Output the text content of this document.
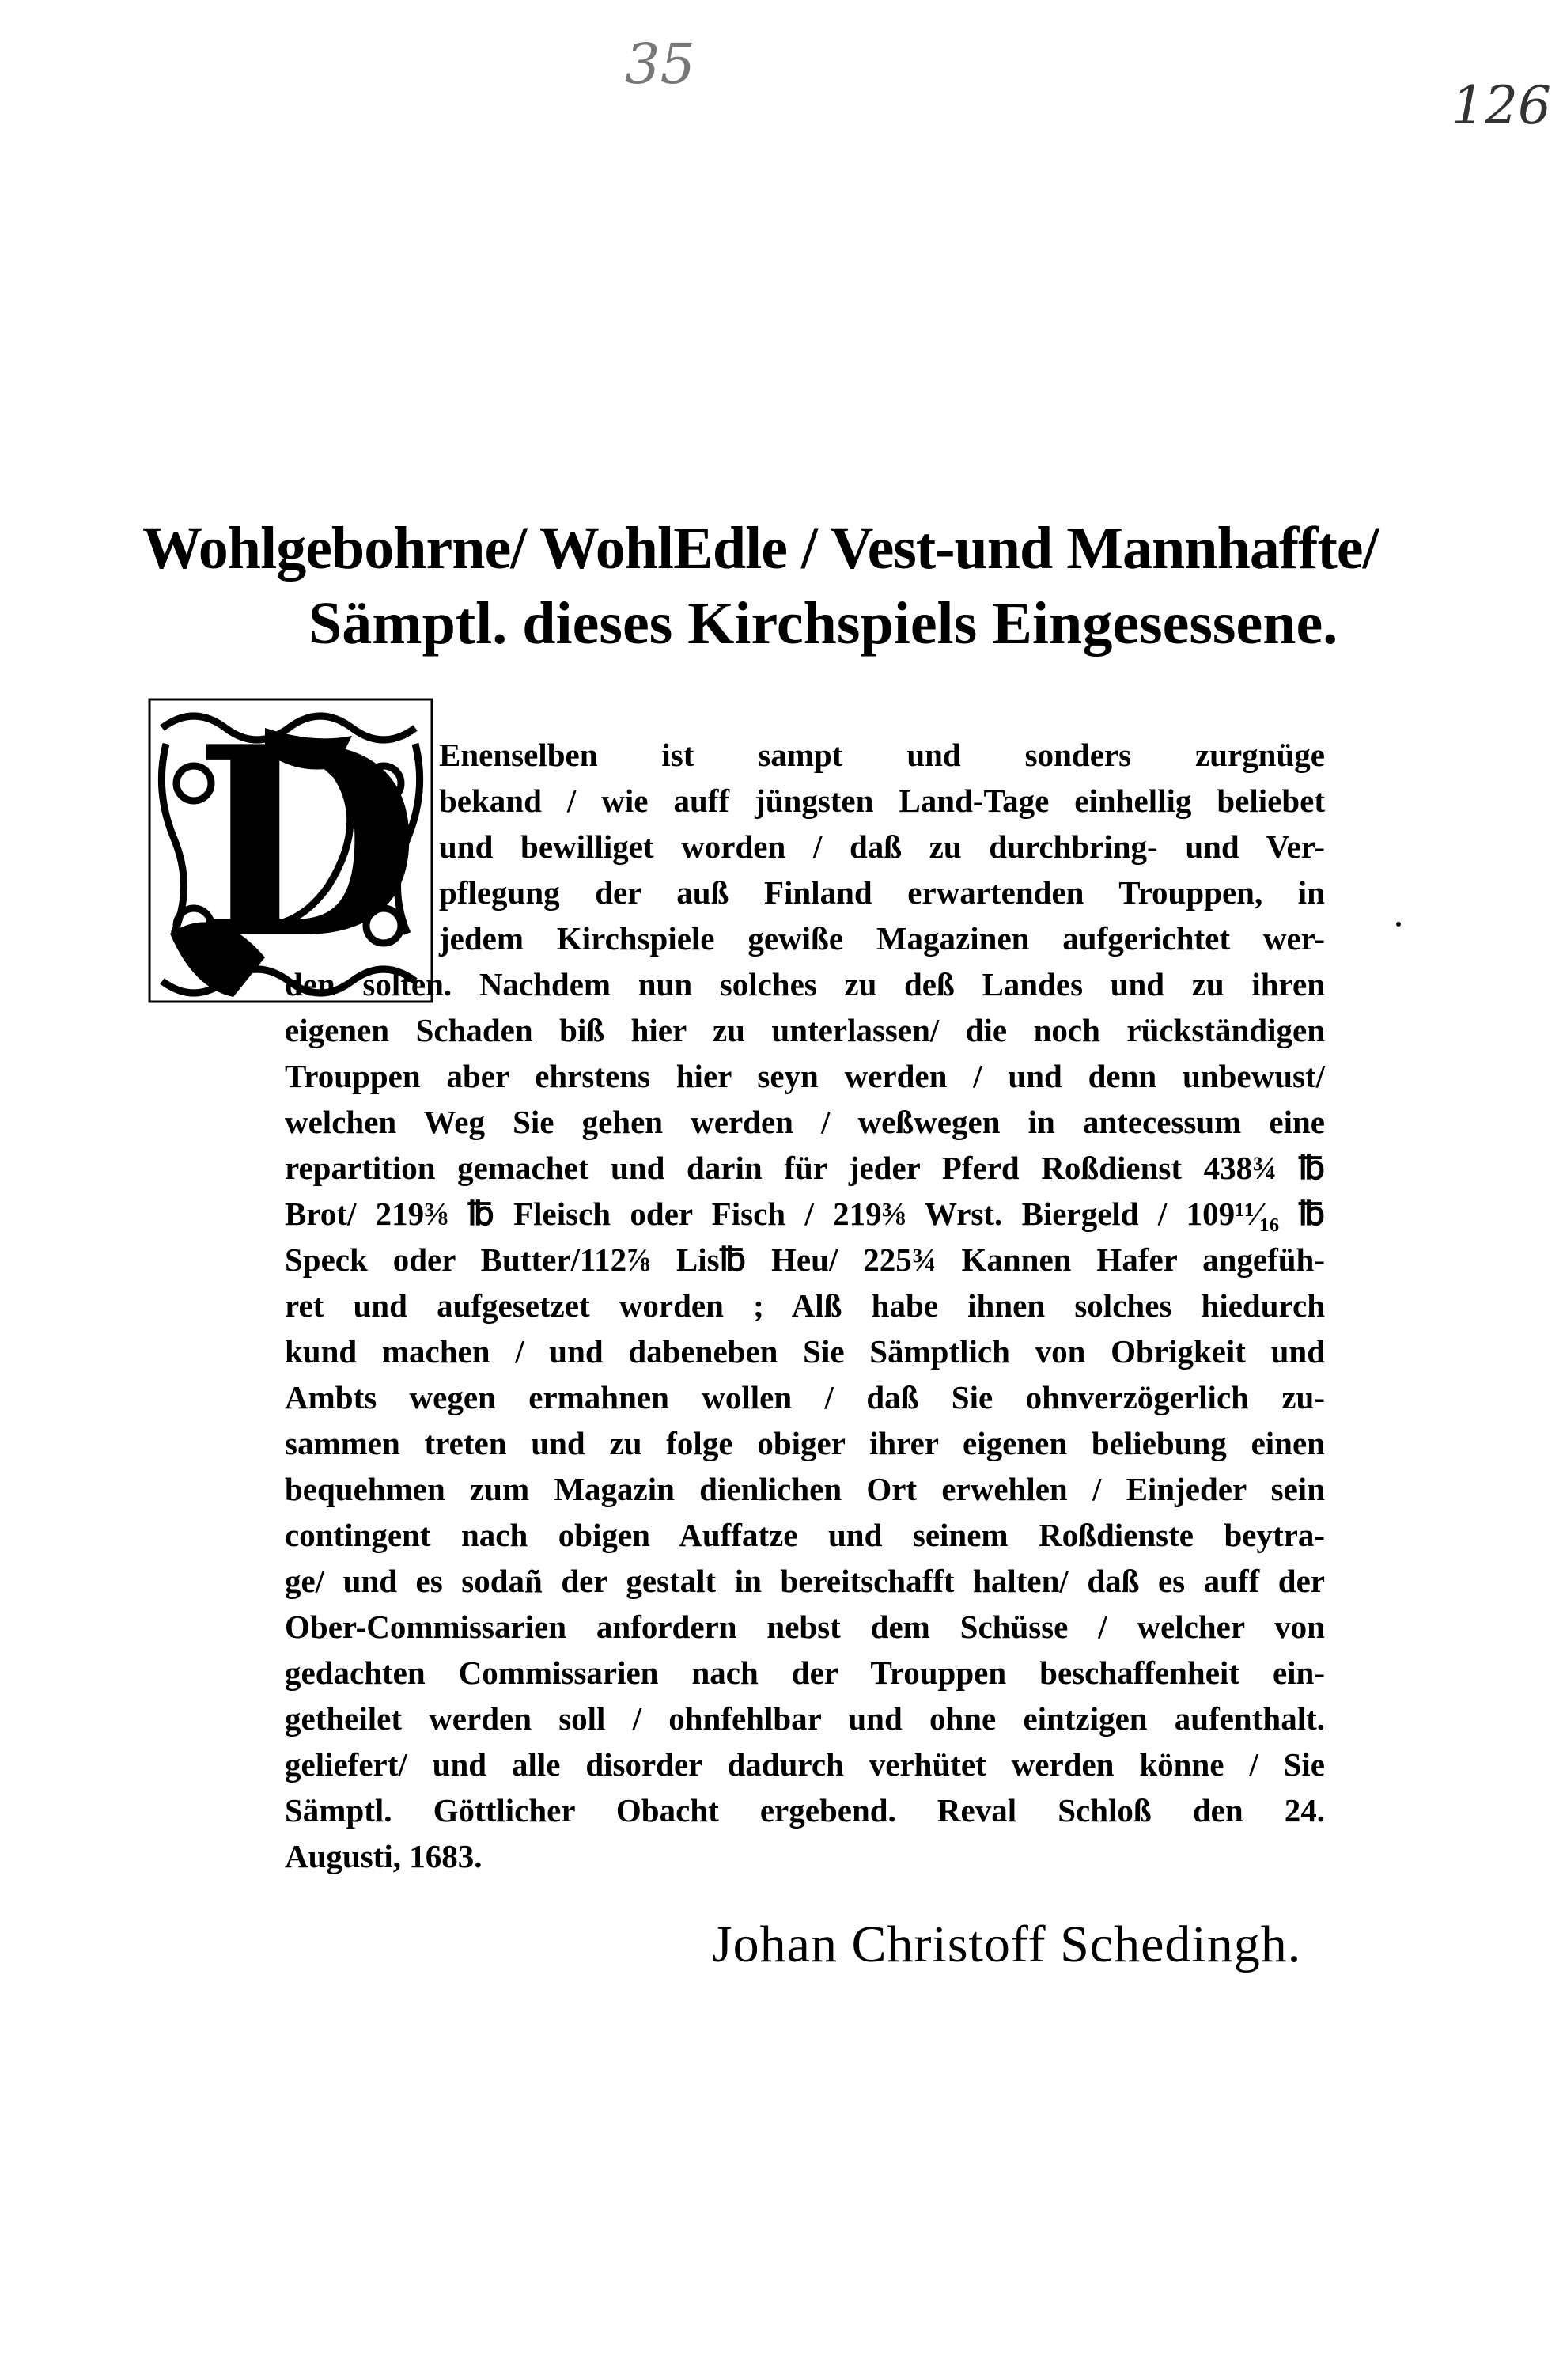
35
126
Wohlgebohrne/ WohlEdle / Vest-und Mannhaffte/
Sämptl. dieses Kirchspiels Eingesessene.
D Enenselben ist sampt und sonders zurgnüge
bekand / wie auff jüngsten Land-Tage einhellig beliebet
und bewilliget worden / daß zu durchbring- und Ver-
pflegung der auß Finland erwartenden Trouppen, in
jedem Kirchspiele gewiße Magazinen aufgerichtet wer-
den solten. Nachdem nun solches zu deß Landes und zu ihren
eigenen Schaden biß hier zu unterlassen/ die noch rückständigen
Trouppen aber ehrstens hier seyn werden / und denn unbewust/
welchen Weg Sie gehen werden / weßwegen in antecessum eine
repartition gemachet und darin für jeder Pferd Roßdienst 438¾ ℔
Brot/ 219⅜ ℔ Fleisch oder Fisch / 219⅜ Wrst. Biergeld / 109¹¹⁄₁₆ ℔
Speck oder Butter/112⅞ Lis℔ Heu/ 225¾ Kannen Hafer angefüh-
ret und aufgesetzet worden ; Alß habe ihnen solches hiedurch
kund machen / und dabeneben Sie Sämptlich von Obrigkeit und
Ambts wegen ermahnen wollen / daß Sie ohnverzögerlich zu-
sammen treten und zu folge obiger ihrer eigenen beliebung einen
bequehmen zum Magazin dienlichen Ort erwehlen / Einjeder sein
contingent nach obigen Auffatze und seinem Roßdienste beytra-
ge/ und es sodañ der gestalt in bereitschafft halten/ daß es auff der
Ober-Commissarien anfordern nebst dem Schüsse / welcher von
gedachten Commissarien nach der Trouppen beschaffenheit ein-
getheilet werden soll / ohnfehlbar und ohne eintzigen aufenthalt.
geliefert/ und alle disorder dadurch verhütet werden könne / Sie
Sämptl. Göttlicher Obacht ergebend. Reval Schloß den 24.
Augusti, 1683.
Johan Christoff Schedingh.
